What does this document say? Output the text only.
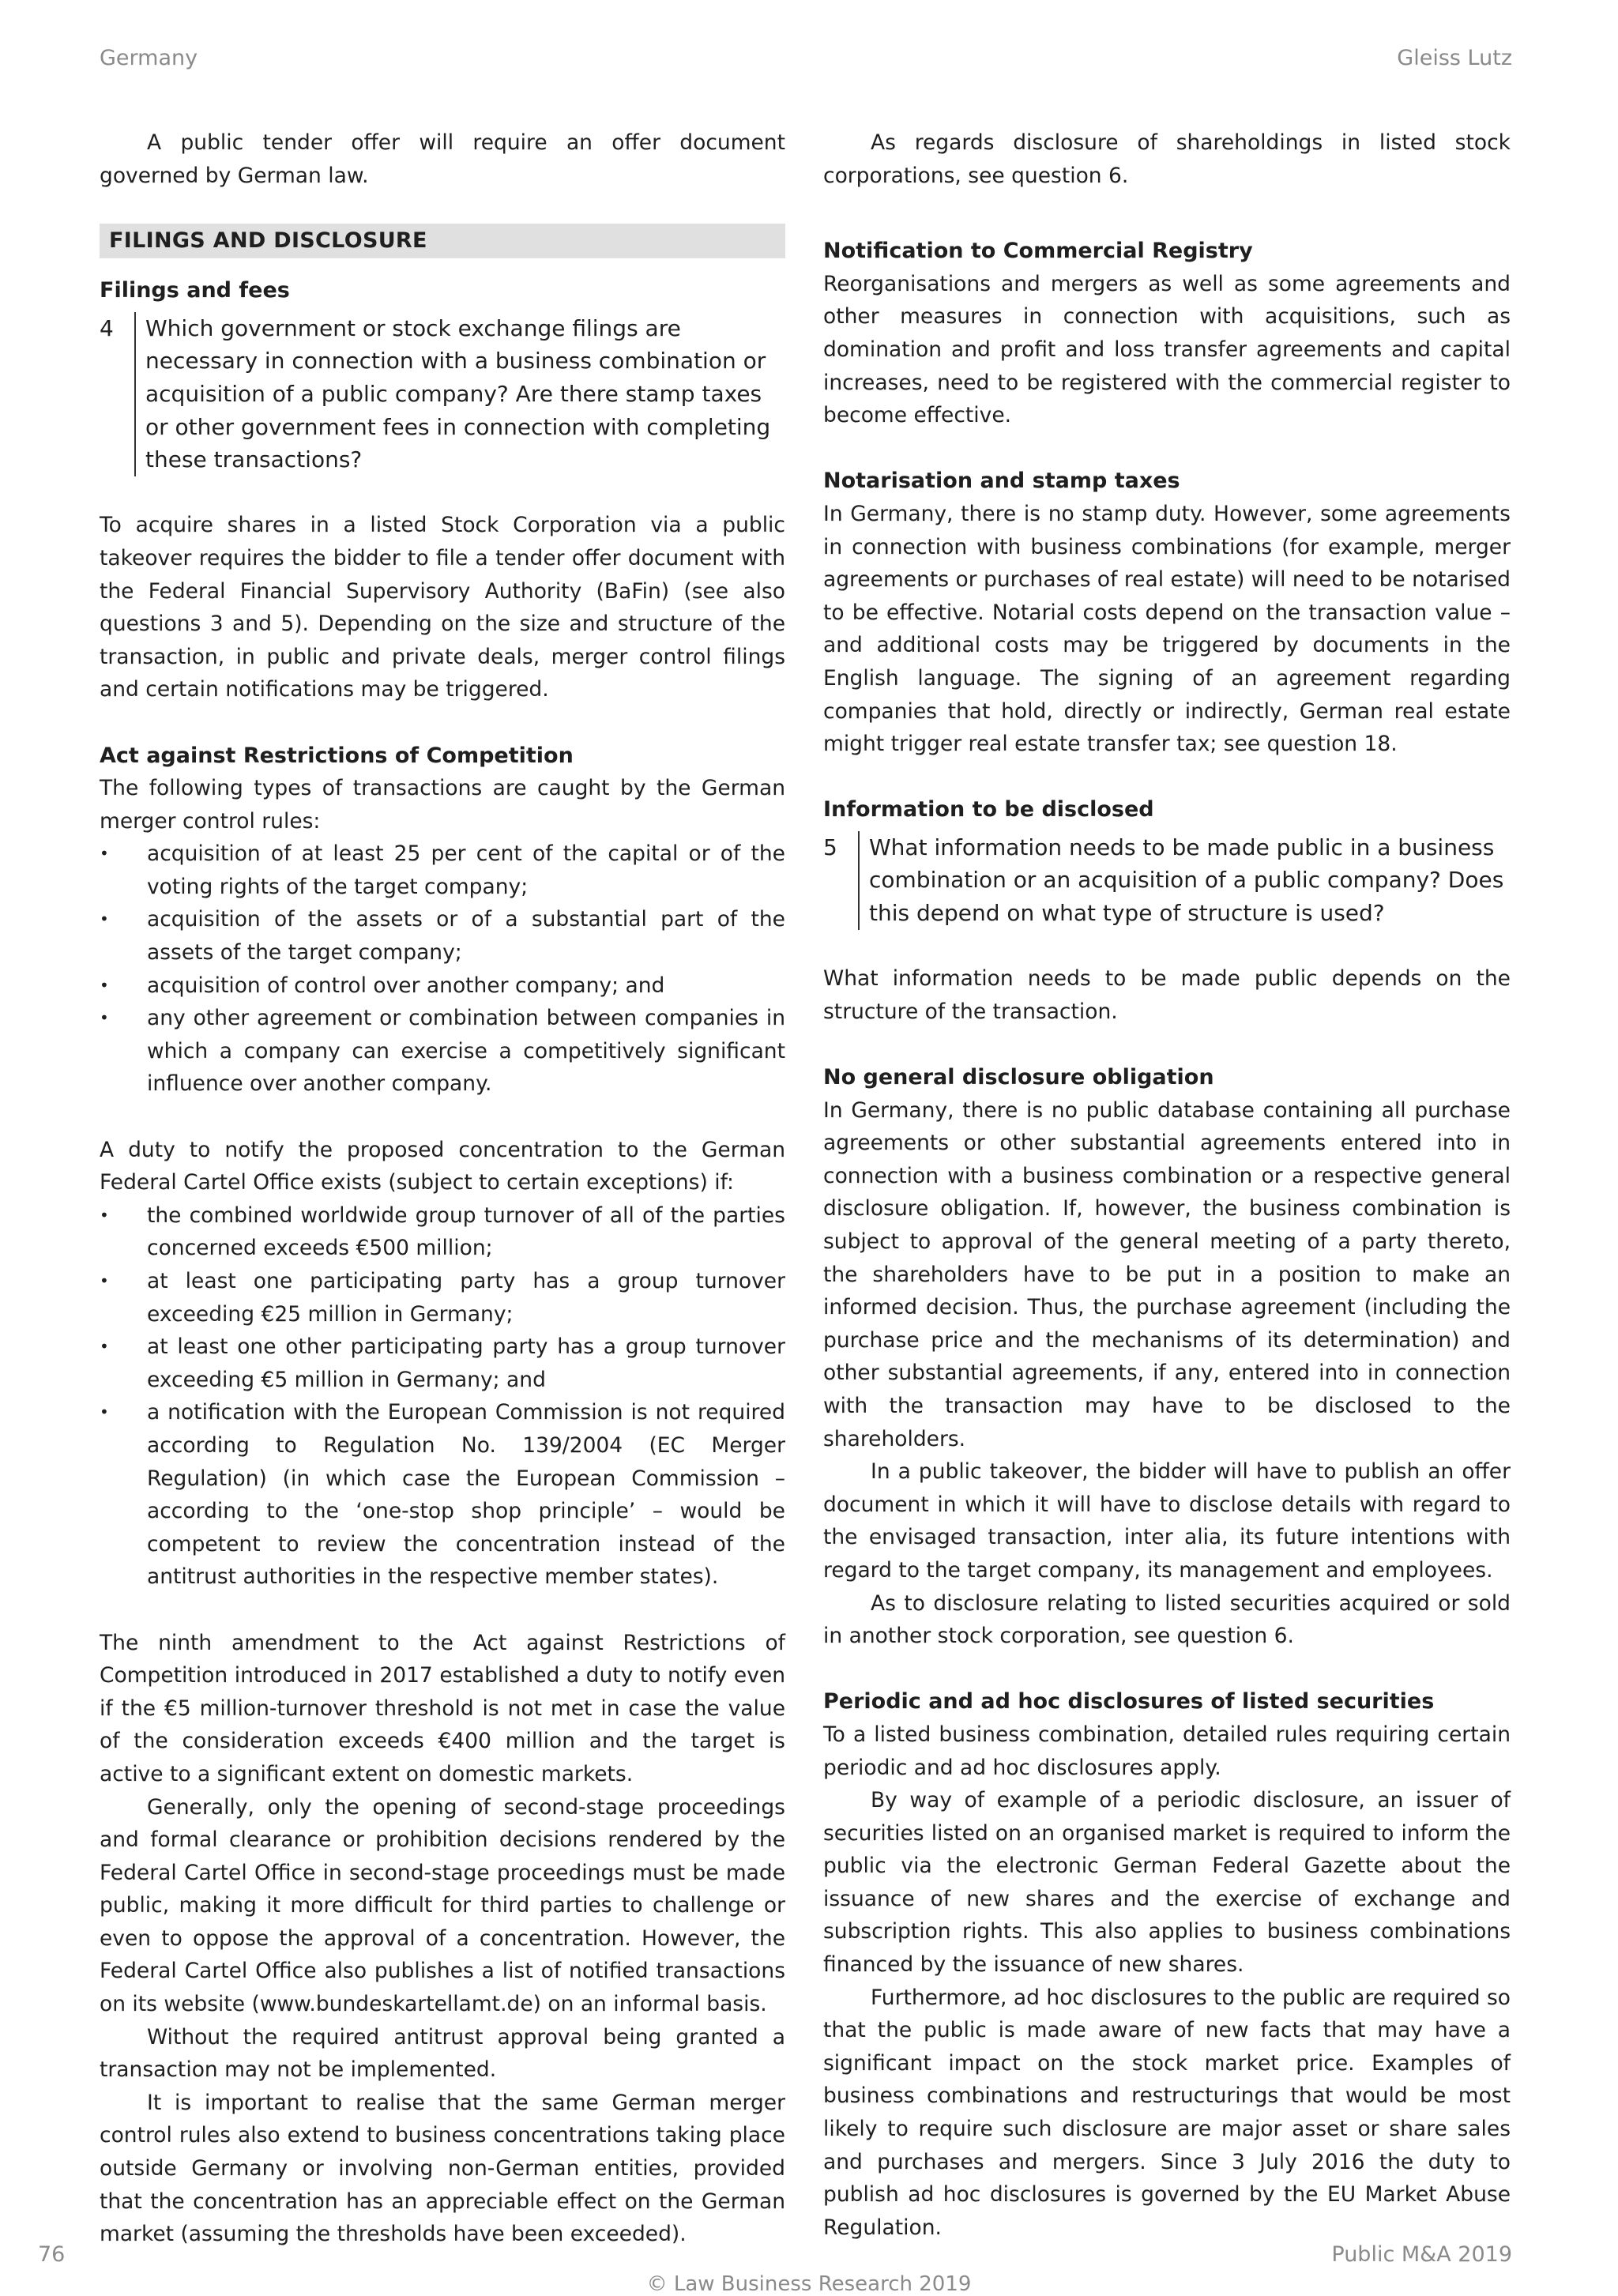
Germany	Gleiss Lutz

A public tender offer will require an offer document governed by German law.

FILINGS AND DISCLOSURE
Filings and fees
4	Which government or stock exchange filings are necessary in connection with a business combination or acquisition of a public company? Are there stamp taxes or other government fees in connection with completing these transactions?

To acquire shares in a listed Stock Corporation via a public takeover requires the bidder to file a tender offer document with the Federal Financial Supervisory Authority (BaFin) (see also questions 3 and 5). Depending on the size and structure of the transaction, in public and private deals, merger control filings and certain notifications may be triggered.

Act against Restrictions of Competition

The following types of transactions are caught by the German merger control rules:

• acquisition of at least 25 per cent of the capital or of the voting rights of the target company;
• acquisition of the assets or of a substantial part of the assets of the target company;
• acquisition of control over another company; and
• any other agreement or combination between companies in which a company can exercise a competitively significant influence over another company.

A duty to notify the proposed concentration to the German Federal Cartel Office exists (subject to certain exceptions) if:

• the combined worldwide group turnover of all of the parties concerned exceeds €500 million;
• at least one participating party has a group turnover exceeding €25 million in Germany;
• at least one other participating party has a group turnover exceeding €5 million in Germany; and
• a notification with the European Commission is not required according to Regulation No. 139/2004 (EC Merger Regulation) (in which case the European Commission – according to the ‘one-stop shop principle’ – would be competent to review the concentration instead of the antitrust authorities in the respective member states).

The ninth amendment to the Act against Restrictions of Competition introduced in 2017 established a duty to notify even if the €5 million-turnover threshold is not met in case the value of the consideration exceeds €400 million and the target is active to a significant extent on domestic markets.

Generally, only the opening of second-stage proceedings and formal clearance or prohibition decisions rendered by the Federal Cartel Office in second-stage proceedings must be made public, making it more difficult for third parties to challenge or even to oppose the approval of a concentration. However, the Federal Cartel Office also publishes a list of notified transactions on its website (www.bundeskartellamt.de) on an informal basis.

Without the required antitrust approval being granted a transaction may not be implemented.

It is important to realise that the same German merger control rules also extend to business concentrations taking place outside Germany or involving non-German entities, provided that the concentration has an appreciable effect on the German market (assuming the thresholds have been exceeded).

As regards disclosure of shareholdings in listed stock corporations, see question 6.

Notification to Commercial Registry

Reorganisations and mergers as well as some agreements and other measures in connection with acquisitions, such as domination and profit and loss transfer agreements and capital increases, need to be registered with the commercial register to become effective.

Notarisation and stamp taxes

In Germany, there is no stamp duty. However, some agreements in connection with business combinations (for example, merger agreements or purchases of real estate) will need to be notarised to be effective. Notarial costs depend on the transaction value – and additional costs may be triggered by documents in the English language. The signing of an agreement regarding companies that hold, directly or indirectly, German real estate might trigger real estate transfer tax; see question 18.

Information to be disclosed
5	What information needs to be made public in a business combination or an acquisition of a public company? Does this depend on what type of structure is used?

What information needs to be made public depends on the structure of the transaction.

No general disclosure obligation

In Germany, there is no public database containing all purchase agreements or other substantial agreements entered into in connection with a business combination or a respective general disclosure obligation. If, however, the business combination is subject to approval of the general meeting of a party thereto, the shareholders have to be put in a position to make an informed decision. Thus, the purchase agreement (including the purchase price and the mechanisms of its determination) and other substantial agreements, if any, entered into in connection with the transaction may have to be disclosed to the shareholders.

In a public takeover, the bidder will have to publish an offer document in which it will have to disclose details with regard to the envisaged transaction, inter alia, its future intentions with regard to the target company, its management and employees.

As to disclosure relating to listed securities acquired or sold in another stock corporation, see question 6.

Periodic and ad hoc disclosures of listed securities

To a listed business combination, detailed rules requiring certain periodic and ad hoc disclosures apply.

By way of example of a periodic disclosure, an issuer of securities listed on an organised market is required to inform the public via the electronic German Federal Gazette about the issuance of new shares and the exercise of exchange and subscription rights. This also applies to business combinations financed by the issuance of new shares.

Furthermore, ad hoc disclosures to the public are required so that the public is made aware of new facts that may have a significant impact on the stock market price. Examples of business combinations and restructurings that would be most likely to require such disclosure are major asset or share sales and purchases and mergers. Since 3 July 2016 the duty to publish ad hoc disclosures is governed by the EU Market Abuse Regulation.

76	Public M&A 2019
© Law Business Research 2019
